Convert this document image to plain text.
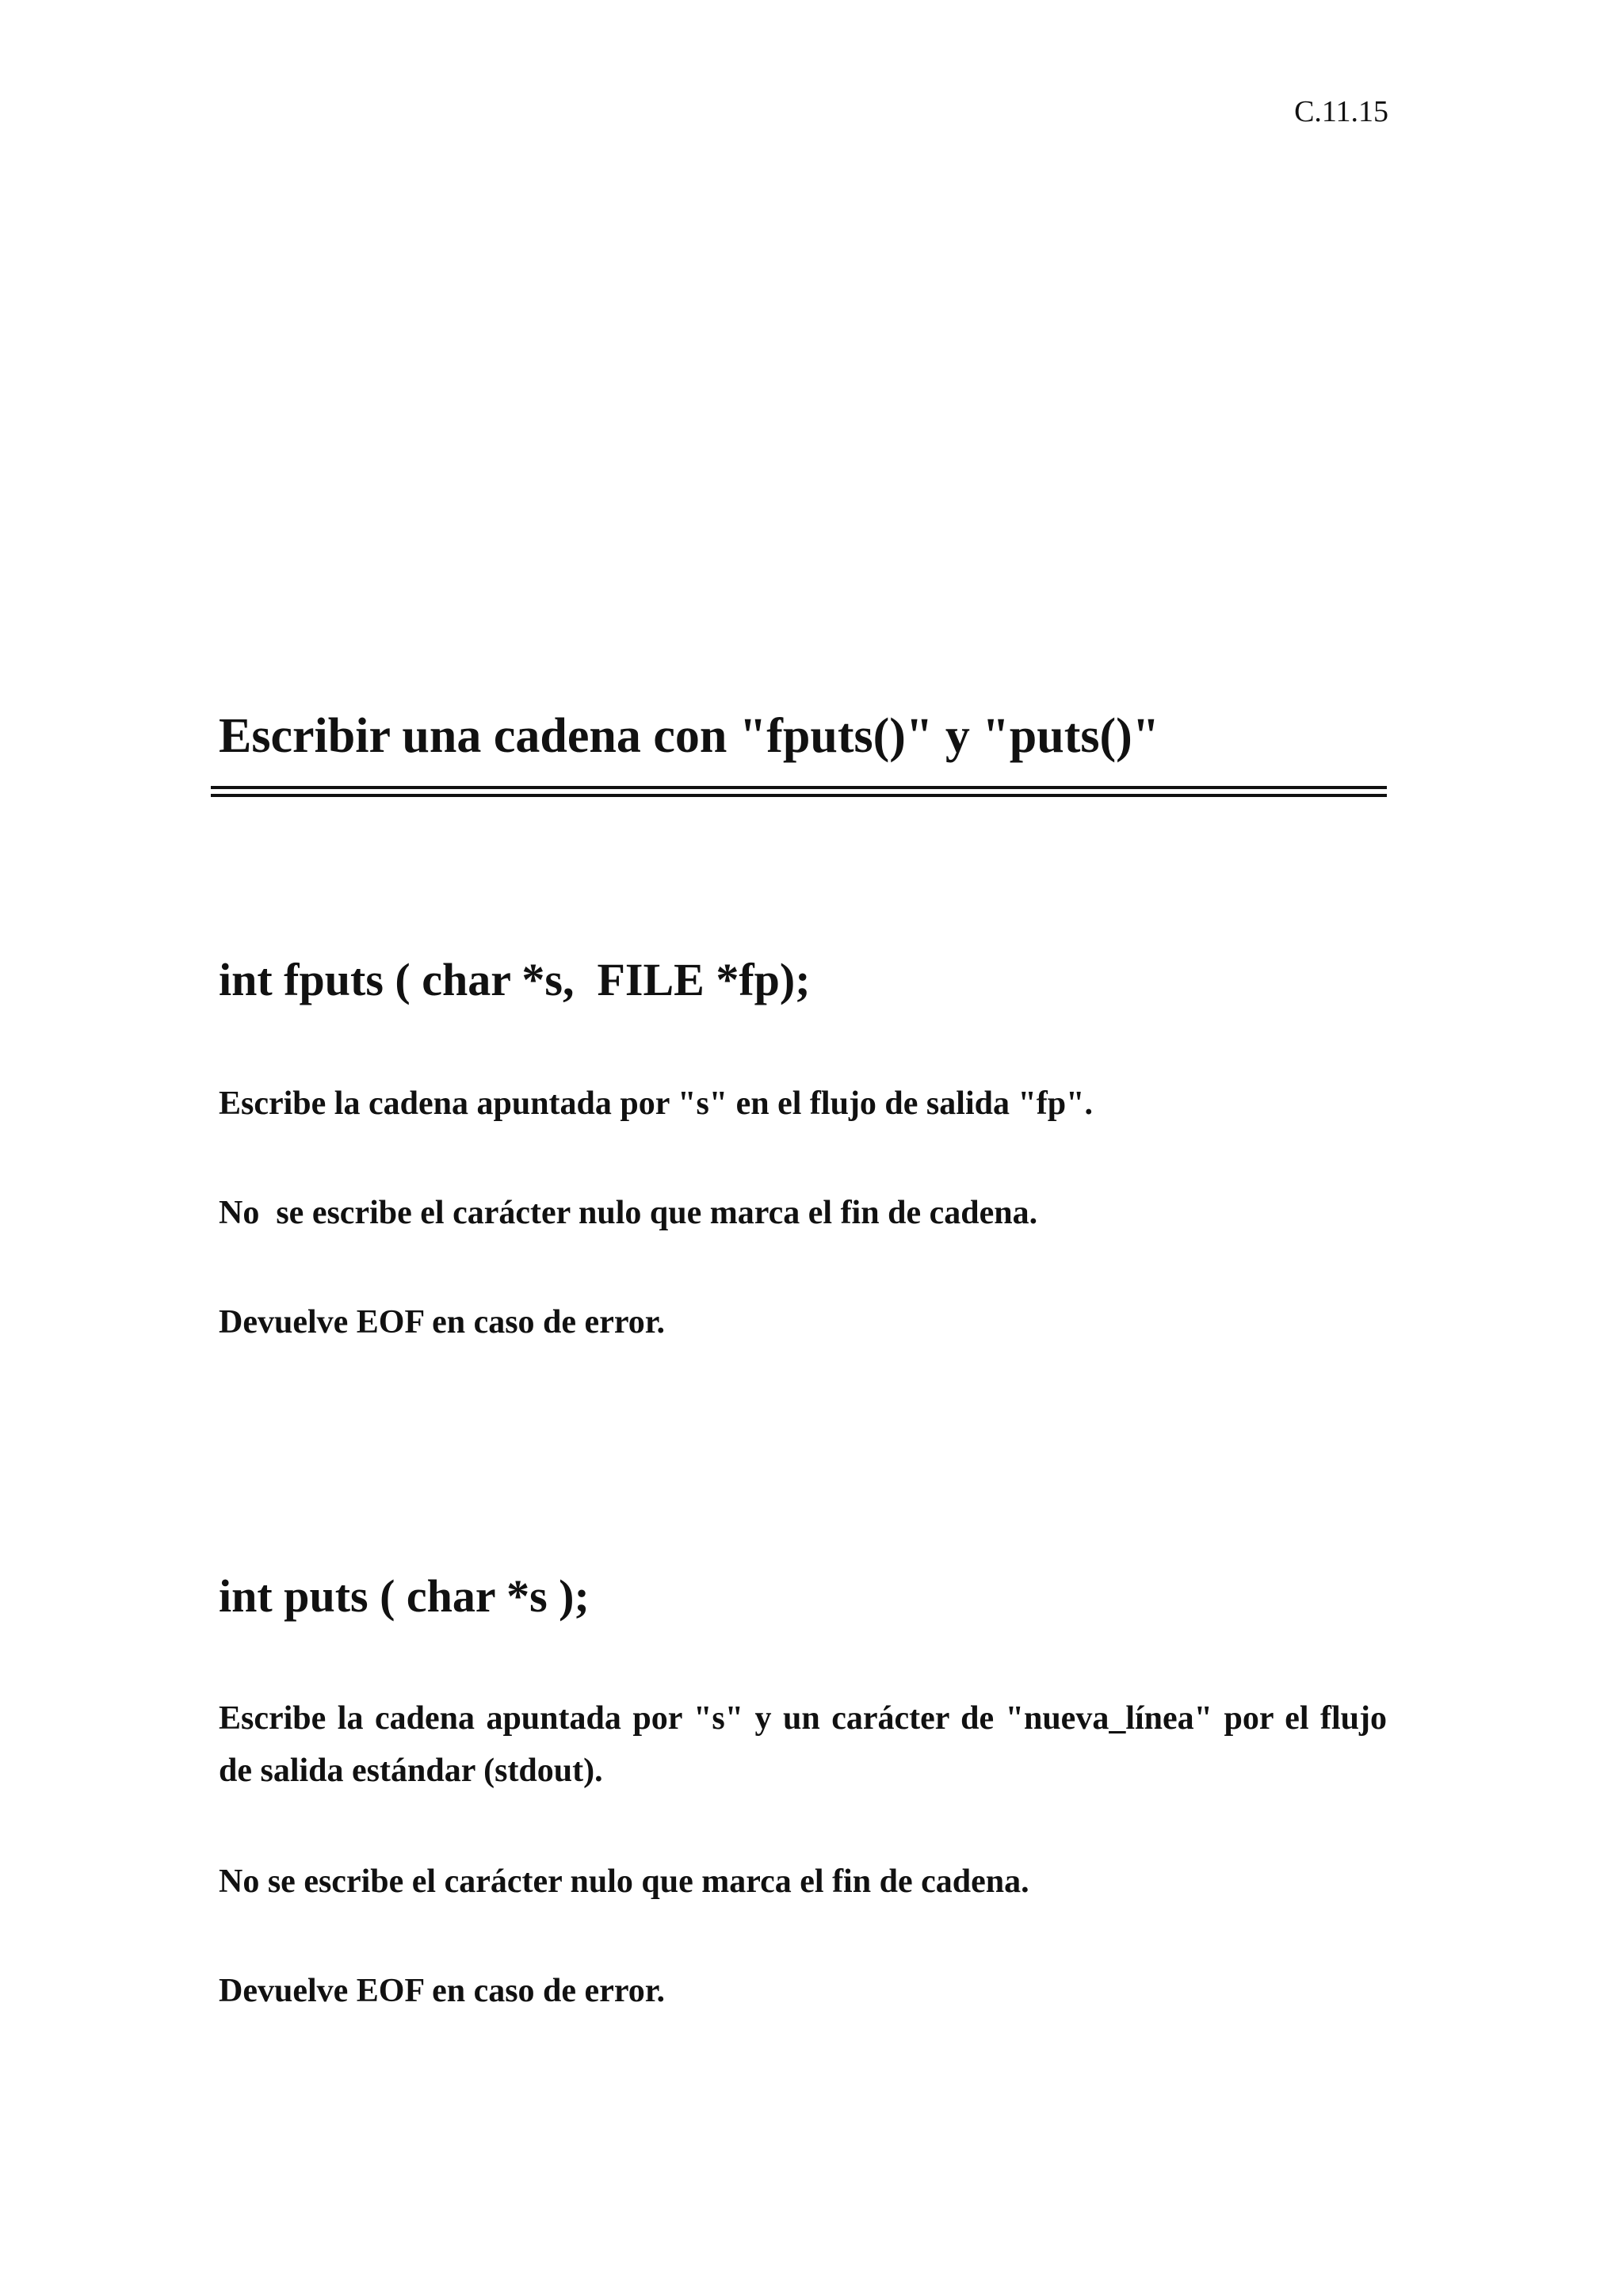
C.11.15
Escribir una cadena con "fputs()" y "puts()"
int fputs ( char *s,  FILE *fp);
Escribe la cadena apuntada por "s" en el flujo de salida "fp".
No  se escribe el carácter nulo que marca el fin de cadena.
Devuelve EOF en caso de error.
int puts ( char *s );
Escribe la cadena apuntada por "s" y un carácter de "nueva_línea" por el flujo de salida estándar (stdout).
No se escribe el carácter nulo que marca el fin de cadena.
Devuelve EOF en caso de error.
